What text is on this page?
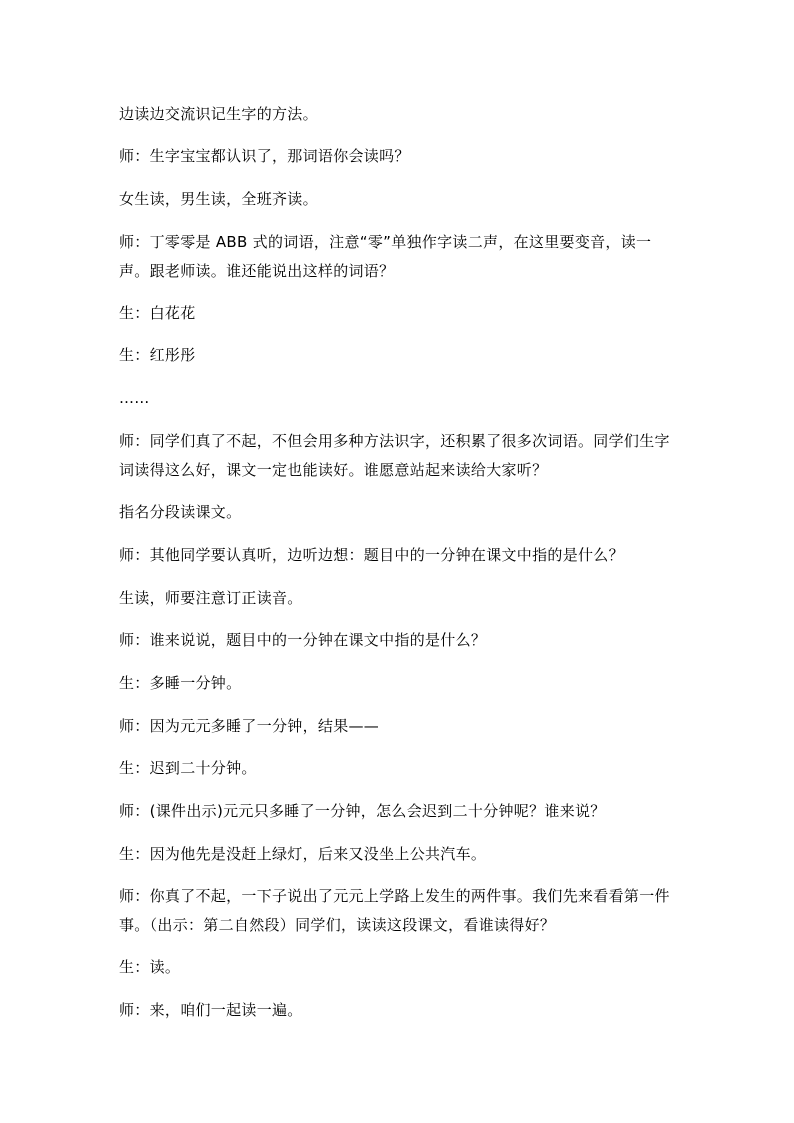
边读边交流识记生字的方法。

师：生字宝宝都认识了，那词语你会读吗？

女生读，男生读，全班齐读。

师：丁零零是 ABB 式的词语，注意“零”单独作字读二声，在这里要变音，读一声。跟老师读。谁还能说出这样的词语？

生：白花花

生：红彤彤

……

师：同学们真了不起，不但会用多种方法识字，还积累了很多次词语。同学们生字词读得这么好，课文一定也能读好。谁愿意站起来读给大家听？

指名分段读课文。

师：其他同学要认真听，边听边想：题目中的一分钟在课文中指的是什么？

生读，师要注意订正读音。

师：谁来说说，题目中的一分钟在课文中指的是什么？

生：多睡一分钟。

师：因为元元多睡了一分钟，结果——

生：迟到二十分钟。

师：(课件出示)元元只多睡了一分钟，怎么会迟到二十分钟呢？谁来说？

生：因为他先是没赶上绿灯，后来又没坐上公共汽车。

师：你真了不起，一下子说出了元元上学路上发生的两件事。我们先来看看第一件事。（出示：第二自然段）同学们，读读这段课文，看谁读得好？

生：读。

师：来，咱们一起读一遍。
